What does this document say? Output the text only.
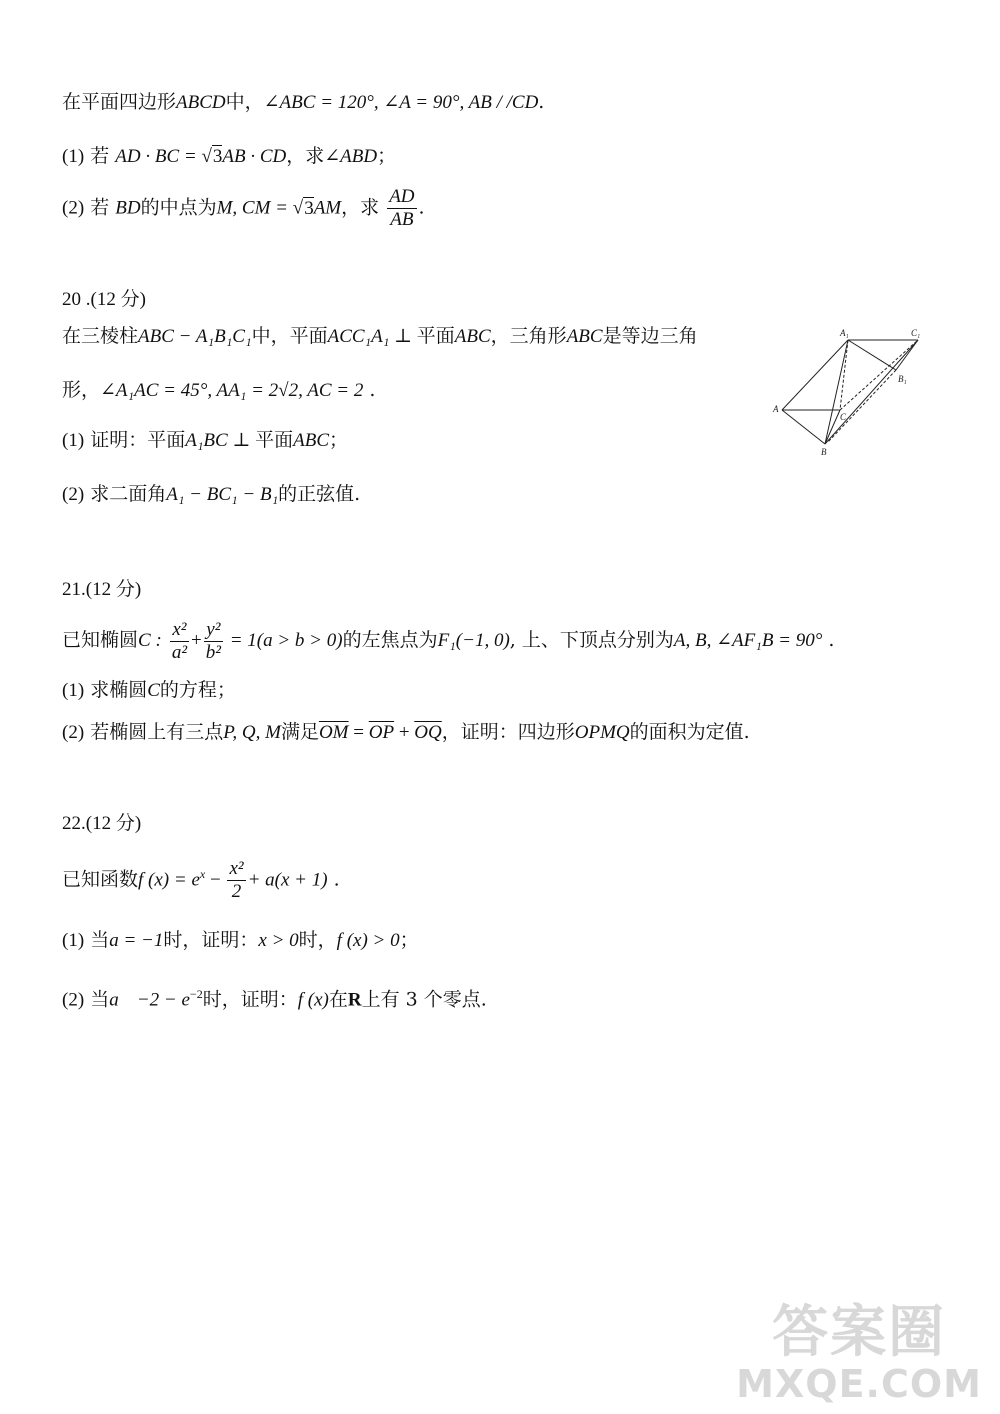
在平面四边形ABCD中，∠ABC = 120°, ∠A = 90°, AB / /CD.
(1) 若 AD · BC = √3AB · CD，求∠ABD；
(2) 若 BD的中点为M, CM = √3AM，求 $\frac{AD}{AB}$ .
20 .(12 分)
在三棱柱ABC − A₁B₁C₁中，平面ACC₁A₁ ⊥ 平面ABC，三角形ABC是等边三角
形，∠A₁AC = 45°, AA₁ = 2√2, AC = 2 .
(1) 证明：平面A₁BC ⊥ 平面ABC；
(2) 求二面角A₁ − BC₁ − B₁的正弦值.
A₁	C₁
B₁
A
C
B
21.(12 分)
已知椭圆C : $\frac{\text{x²}}{\text{a²}} + \frac{\text{y²}}{\text{b²}} = 1(a > b > 0)$的左焦点为F₁(−1, 0), 上、下顶点分别为A, B, ∠AF₁B = 90° .
(1) 求椭圆C的方程；
(2) 若椭圆上有三点P, Q, M满足$\overline{OM} = \overline{OP} + \overline{OQ}$，证明：四边形OPMQ的面积为定值.
22.(12 分)
已知函数f $(x) = e^x - \frac{\text{x²}}{2} + a(x + 1)$ .
(1) 当a = −1时，证明：x > 0时，f (x) > 0；
(2) 当$a -2 - e^{-2}$时，证明：f (x)在R上有 3 个零点.
答案圈
MXQE.COM
